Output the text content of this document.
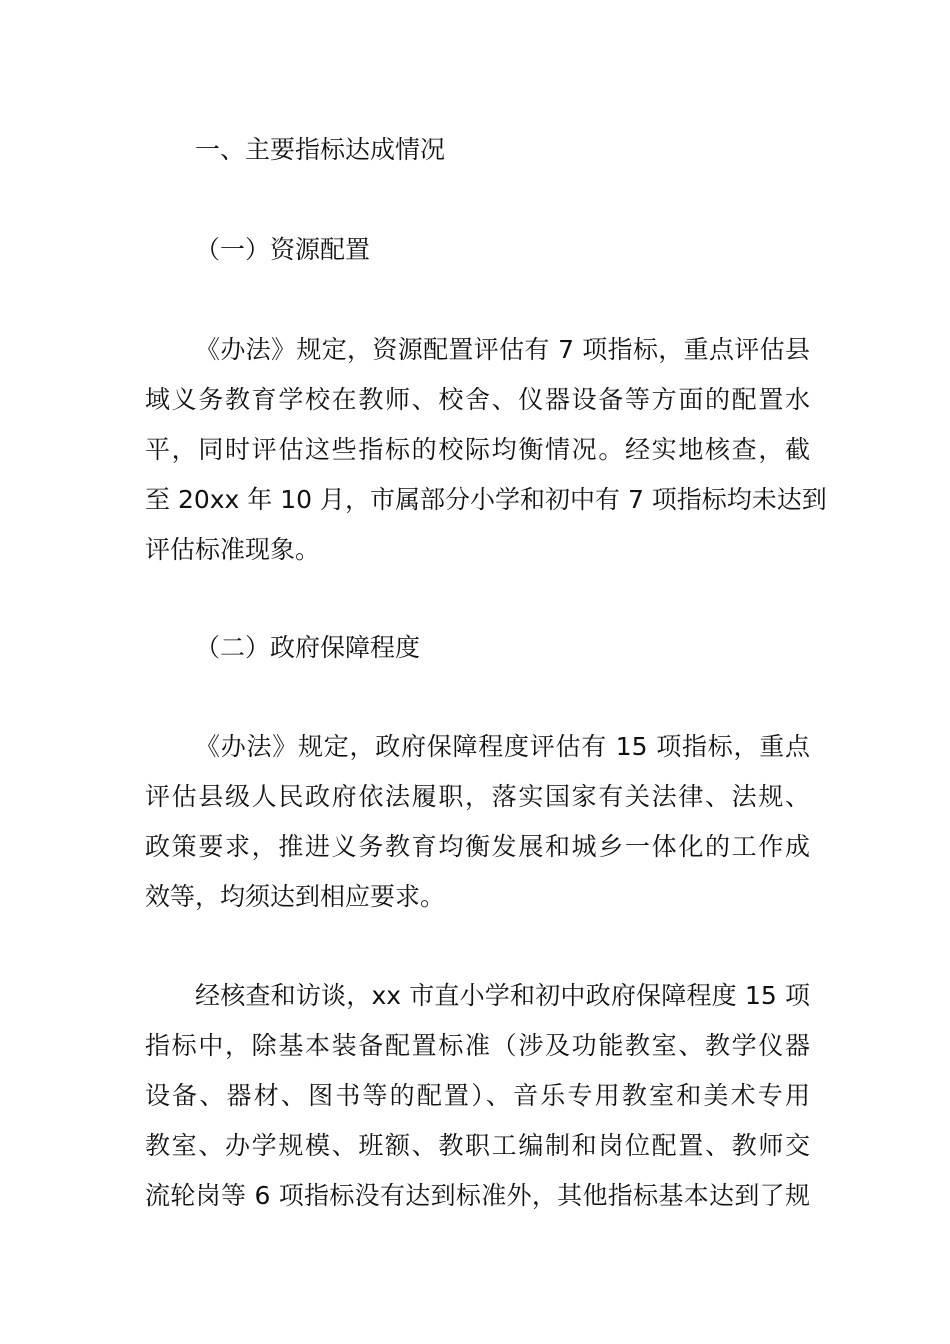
一、主要指标达成情况
（一）资源配置
《办法》规定，资源配置评估有 7 项指标，重点评估县
域义务教育学校在教师、校舍、仪器设备等方面的配置水
平，同时评估这些指标的校际均衡情况。经实地核查，截
至 20xx 年 10 月，市属部分小学和初中有 7 项指标均未达到
评估标准现象。
（二）政府保障程度
《办法》规定，政府保障程度评估有 15 项指标，重点
评估县级人民政府依法履职，落实国家有关法律、法规、
政策要求，推进义务教育均衡发展和城乡一体化的工作成
效等，均须达到相应要求。
经核查和访谈，xx 市直小学和初中政府保障程度 15 项
指标中，除基本装备配置标准（涉及功能教室、教学仪器
设备、器材、图书等的配置）、音乐专用教室和美术专用
教室、办学规模、班额、教职工编制和岗位配置、教师交
流轮岗等 6 项指标没有达到标准外，其他指标基本达到了规
